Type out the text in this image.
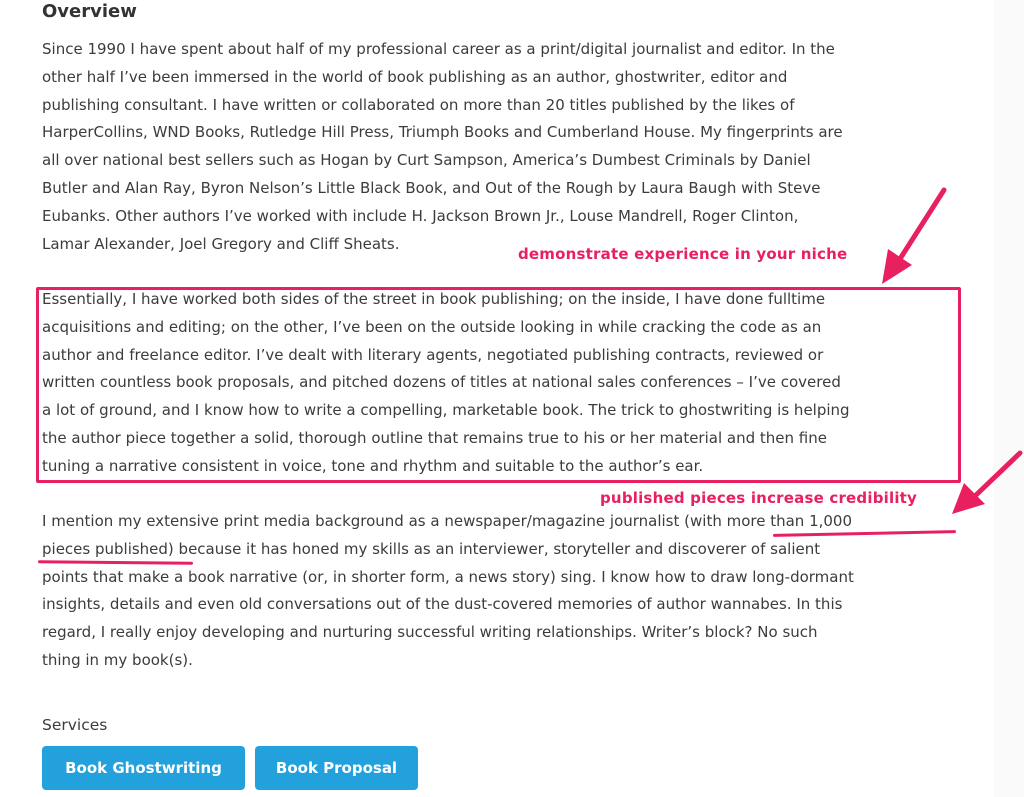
Overview

Since 1990 I have spent about half of my professional career as a print/digital journalist and editor. In the
other half I’ve been immersed in the world of book publishing as an author, ghostwriter, editor and
publishing consultant. I have written or collaborated on more than 20 titles published by the likes of
HarperCollins, WND Books, Rutledge Hill Press, Triumph Books and Cumberland House. My fingerprints are
all over national best sellers such as Hogan by Curt Sampson, America’s Dumbest Criminals by Daniel
Butler and Alan Ray, Byron Nelson’s Little Black Book, and Out of the Rough by Laura Baugh with Steve
Eubanks. Other authors I’ve worked with include H. Jackson Brown Jr., Louse Mandrell, Roger Clinton,
Lamar Alexander, Joel Gregory and Cliff Sheats.

Essentially, I have worked both sides of the street in book publishing; on the inside, I have done fulltime
acquisitions and editing; on the other, I’ve been on the outside looking in while cracking the code as an
author and freelance editor. I’ve dealt with literary agents, negotiated publishing contracts, reviewed or
written countless book proposals, and pitched dozens of titles at national sales conferences – I’ve covered
a lot of ground, and I know how to write a compelling, marketable book. The trick to ghostwriting is helping
the author piece together a solid, thorough outline that remains true to his or her material and then fine
tuning a narrative consistent in voice, tone and rhythm and suitable to the author’s ear.

I mention my extensive print media background as a newspaper/magazine journalist (with more than 1,000
pieces published) because it has honed my skills as an interviewer, storyteller and discoverer of salient
points that make a book narrative (or, in shorter form, a news story) sing. I know how to draw long-dormant
insights, details and even old conversations out of the dust-covered memories of author wannabes. In this
regard, I really enjoy developing and nurturing successful writing relationships. Writer’s block? No such
thing in my book(s).

Services
Book Ghostwriting	Book Proposal
demonstrate experience in your niche
published pieces increase credibility
